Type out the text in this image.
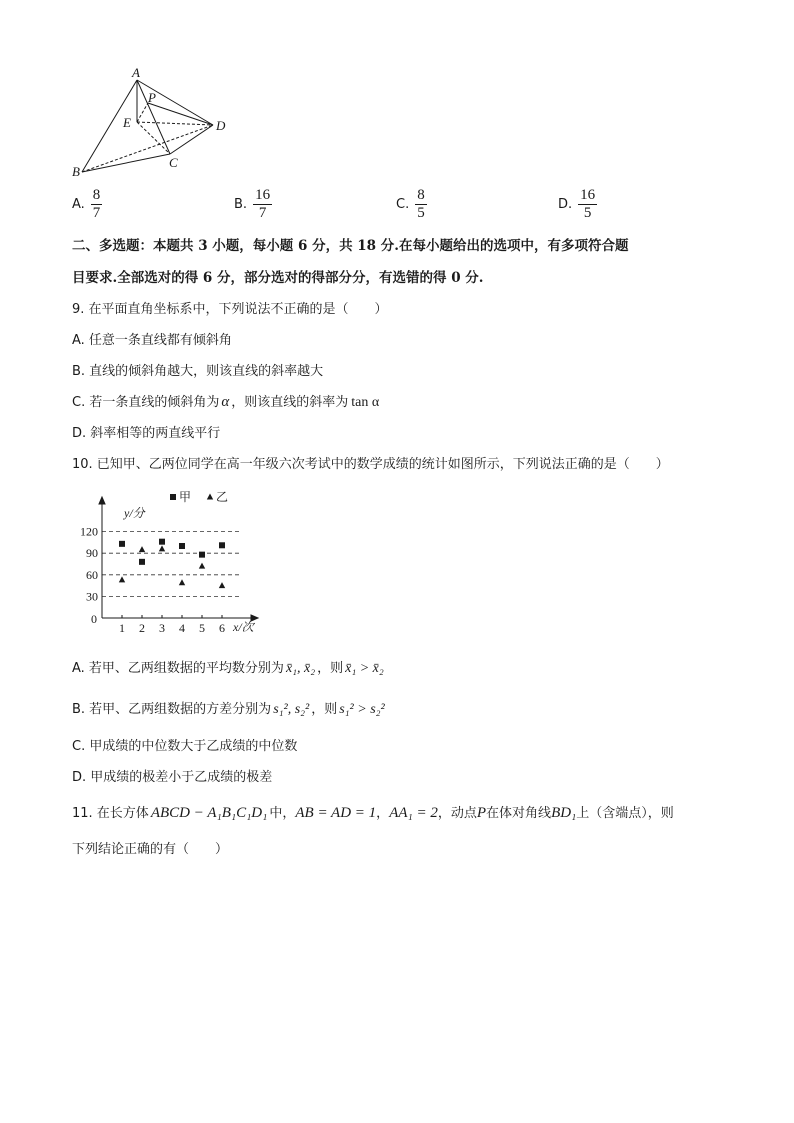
A
P
E	D
B
C
A. $\frac{8}{7}$	B. $\frac{16}{7}$	C. $\frac{8}{5}$	D. $\frac{16}{5}$
二、多选题：本题共 3 小题，每小题 6 分，共 18 分.在每小题给出的选项中，有多项符合题
目要求.全部选对的得 6 分，部分选对的得部分分，有选错的得 0 分.
9. 在平面直角坐标系中，下列说法不正确的是（　　）
A. 任意一条直线都有倾斜角
B. 直线的倾斜角越大，则该直线的斜率越大
C. 若一条直线的倾斜角为 α ，则该直线的斜率为 tan α
D. 斜率相等的两直线平行
10. 已知甲、乙两位同学在高一年级六次考试中的数学成绩的统计如图所示，下列说法正确的是（　　）
30
60
90
120
1 2 3 4 5 6
甲 乙
y/分
x/次
0
A. 若甲、乙两组数据的平均数分别为 x̄₁, x̄₂ ，则 x̄₁ > x̄₂
B. 若甲、乙两组数据的方差分别为 s₁², s₂² ，则 s₁² > s₂²
C. 甲成绩的中位数大于乙成绩的中位数
D. 甲成绩的极差小于乙成绩的极差
11. 在长方体 ABCD − A₁B₁C₁D₁ 中，AB = AD = 1，AA₁ = 2，动点P在体对角线BD₁上（含端点），则
下列结论正确的有（　　）
